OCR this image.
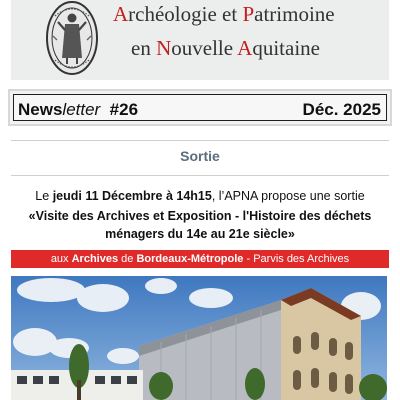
Archéologie et Patrimoine
en Nouvelle Aquitaine
Newsletter #26	Déc. 2025
Sortie
Le jeudi 11 Décembre à 14h15, l’APNA propose une sortie
«Visite des Archives et Exposition - l'Histoire des déchets ménagers du 14e au 21e siècle»
aux Archives de Bordeaux-Métropole - Parvis des Archives
